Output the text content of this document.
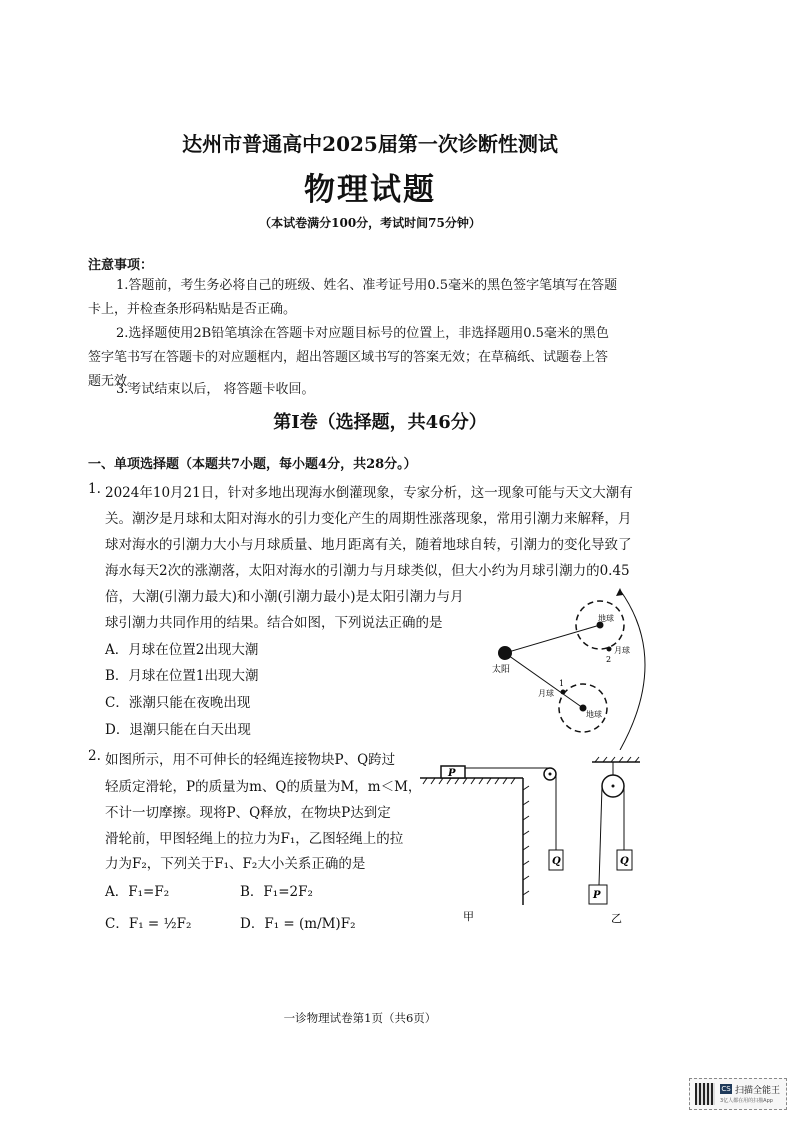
达州市普通高中2025届第一次诊断性测试
物理试题
（本试卷满分100分，考试时间75分钟）
注意事项：
1.答题前，考生务必将自己的班级、姓名、准考证号用0.5毫米的黑色签字笔填写在答题
卡上，并检查条形码粘贴是否正确。
2.选择题使用2B铅笔填涂在答题卡对应题目标号的位置上，非选择题用0.5毫米的黑色
签字笔书写在答题卡的对应题框内，超出答题区域书写的答案无效；在草稿纸、试题卷上答
题无效。
3.考试结束以后， 将答题卡收回。
第I卷（选择题，共46分）
一、单项选择题（本题共7小题，每小题4分，共28分。）
1. 2024年10月21日，针对多地出现海水倒灌现象，专家分析，这一现象可能与天文大潮有
关。潮汐是月球和太阳对海水的引力变化产生的周期性涨落现象，常用引潮力来解释，月
球对海水的引潮力大小与月球质量、地月距离有关，随着地球自转，引潮力的变化导致了
海水每天2次的涨潮落，太阳对海水的引潮力与月球类似，但大小约为月球引潮力的0.45
倍，大潮(引潮力最大)和小潮(引潮力最小)是太阳引潮力与月
球引潮力共同作用的结果。结合如图，下列说法正确的是
A．月球在位置2出现大潮
B．月球在位置1出现大潮
C．涨潮只能在夜晚出现
D．退潮只能在白天出现
太阳
地球
地球
月球
月球
1
2
2. 如图所示，用不可伸长的轻绳连接物块P、Q跨过
轻质定滑轮，P的质量为m、Q的质量为M，m＜M，
不计一切摩擦。现将P、Q释放，在物块P达到定
滑轮前，甲图轻绳上的拉力为F₁，乙图轻绳上的拉
力为F₂，下列关于F₁、F₂大小关系正确的是
A．F₁=F₂	B．F₁=2F₂
C．F₁ = ½F₂	D．F₁ = (m/M)F₂
P
Q
甲
Q
P
乙
一诊物理试卷第1页（共6页）
CS 扫描全能王
3亿人都在用的扫描App
